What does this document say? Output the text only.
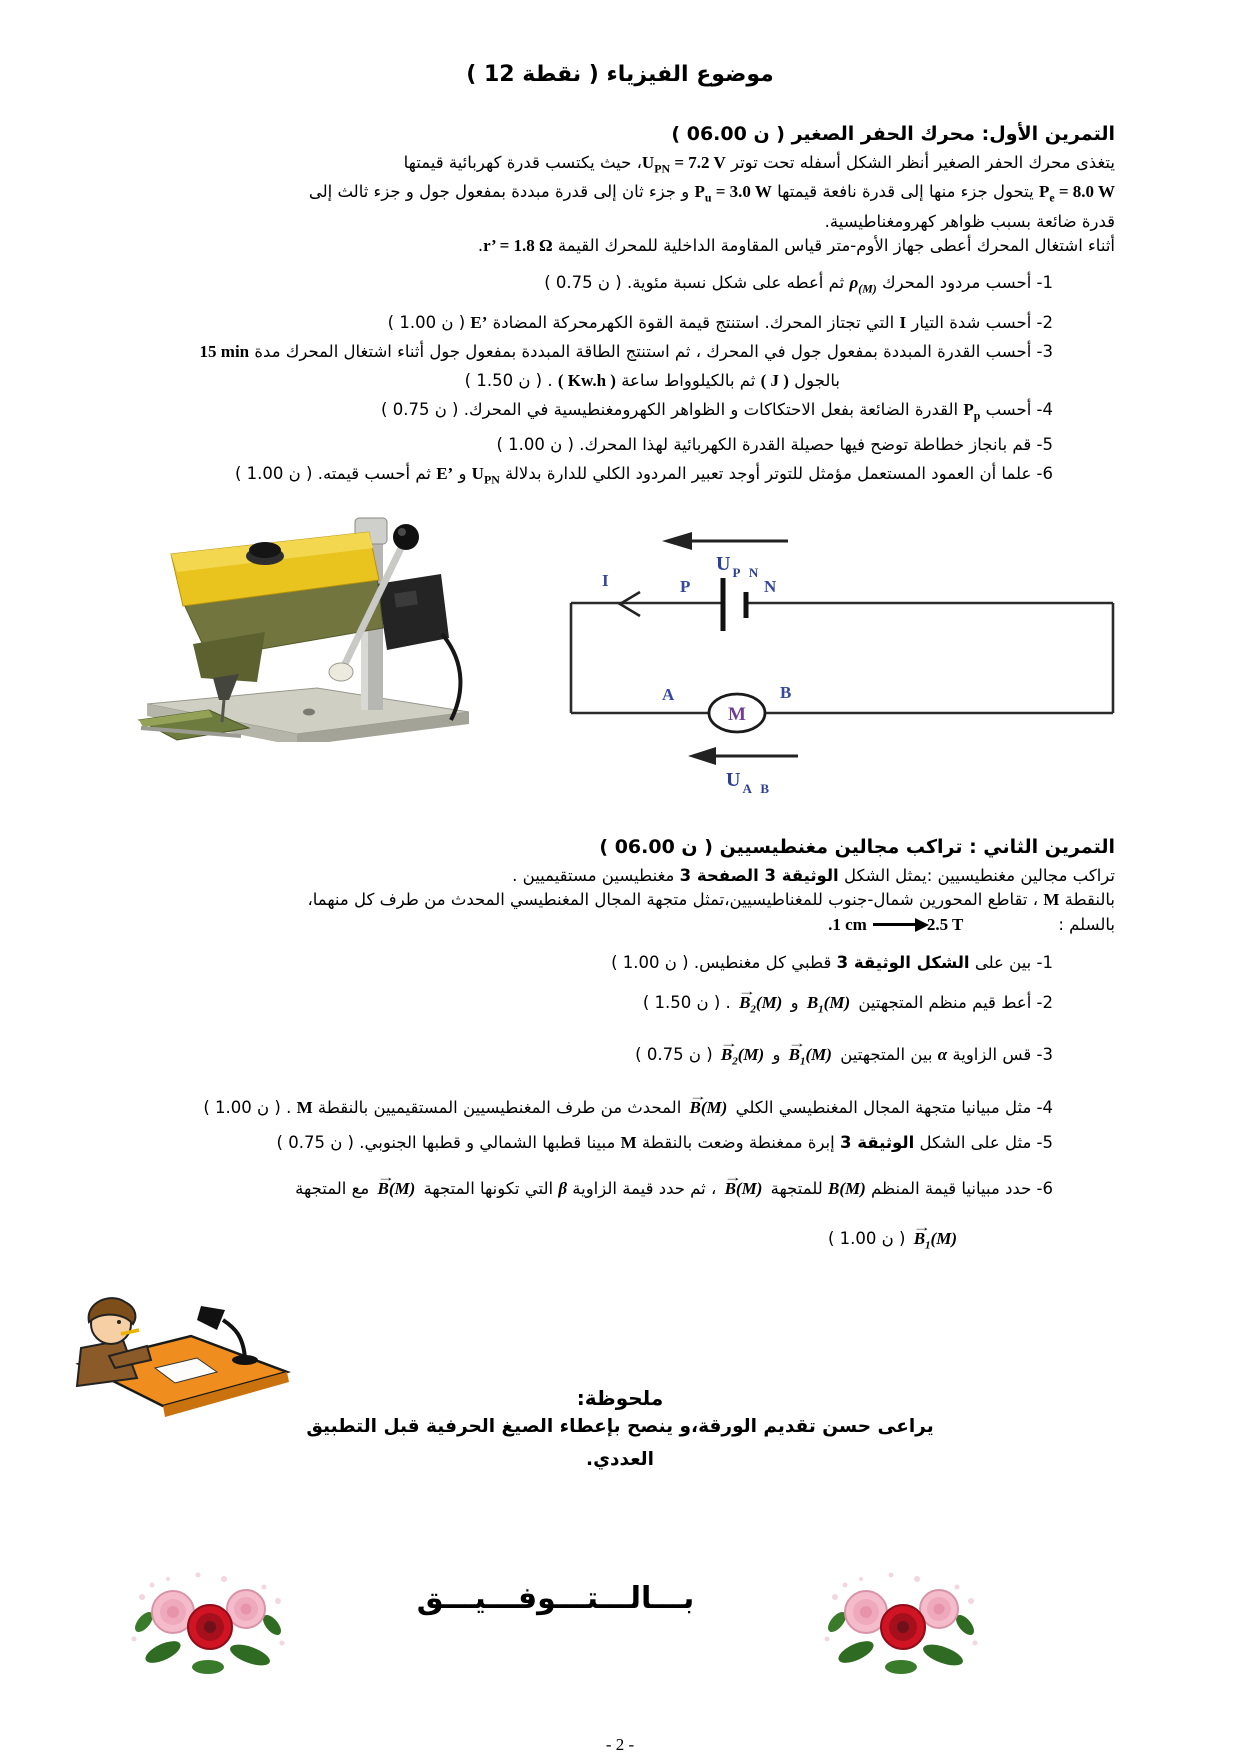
موضوع الفيزياء ( 12 نقطة )
التمرين الأول: محرك الحفر الصغير ( 06.00 ن )

يتغذى محرك الحفر الصغير أنظر الشكل أسفله تحت توتر $U_{PN} = 7.2$ V، حيث يكتسب قدرة كهربائية قيمتها

$P_e = 8.0$ W يتحول جزء منها إلى قدرة نافعة قيمتها $P_u = 3.0$ W و جزء ثان إلى قدرة مبددة بمفعول جول و جزء ثالث إلى

قدرة ضائعة بسبب ظواهر كهرومغناطيسية.

أثناء اشتغال المحرك أعطى جهاز الأوم-متر قياس المقاومة الداخلية للمحرك القيمة r’ = 1.8 Ω.

1- أحسب مردود المحرك $\rho_{(M)}$ ثم أعطه على شكل نسبة مئوية. ( 0.75 ن )

2- أحسب شدة التيار I التي تجتاز المحرك. استنتج قيمة القوة الكهرمحركة المضادة E’ ( 1.00 ن )

3- أحسب القدرة المبددة بمفعول جول في المحرك ، ثم استنتج الطاقة المبددة بمفعول جول أثناء اشتغال المحرك مدة 15 min

بالجول ( J ) ثم بالكيلوواط ساعة ( Kw.h ) . ( 1.50 ن )

4- أحسب $P_p$ القدرة الضائعة بفعل الاحتكاكات و الظواهر الكهرومغنطيسية في المحرك. ( 0.75 ن )

5- قم بانجاز خطاطة توضح فيها حصيلة القدرة الكهربائية لهذا المحرك. ( 1.00 ن )

6- علما أن العمود المستعمل مؤمثل للتوتر أوجد تعبير المردود الكلي للدارة بدلالة $U_{PN}$ و E’ ثم أحسب قيمته. ( 1.00 ن )

M
I	P	N
A	B
U $_{P N}$
U $_{A B}$
التمرين الثاني : تراكب مجالين مغنطيسيين ( 06.00 ن )

تراكب مجالين مغنطيسيين :يمثل الشكل الوثيقة 3 الصفحة 3 مغنطيسين مستقيميين .

بالنقطة M ، تقاطع المحورين شمال-جنوب للمغناطيسيين،تمثل متجهة المجال المغنطيسي المحدث من طرف كل منهما،

بالسلم :.1 cm	2.5 T

1- بين على الشكل الوثيقة 3 قطبي كل مغنطيس. ( 1.00 ن )

2- أعط قيم منظم المتجهتين
$B_1(M)$ و
→
$B_2(M)$ . ( 1.50 ن )

3- قس الزاوية α بين المتجهتين
→
$B_1(M)$ و
→
$B_2(M)$ ( 0.75 ن )

4- مثل مبيانيا متجهة المجال المغنطيسي الكلي
→
B(M) المحدث من طرف المغنطيسيين المستقيميين بالنقطة M . ( 1.00 ن )

5- مثل على الشكل الوثيقة 3 إبرة ممغنطة وضعت بالنقطة M مبينا قطبها الشمالي و قطبها الجنوبي. ( 0.75 ن )

6- حدد مبيانيا قيمة المنظم B(M) للمتجهة
→
B(M) ، ثم حدد قيمة الزاوية β التي تكونها المتجهة
→
B(M) مع المتجهة

→
$B_1(M)$ ( 1.00 ن )

ملحوظة:

يراعى حسن تقديم الورقة،و ينصح بإعطاء الصيغ الحرفية قبل التطبيق

العددي.

بـــالـــتـــوفـــيـــق
- 2 -
